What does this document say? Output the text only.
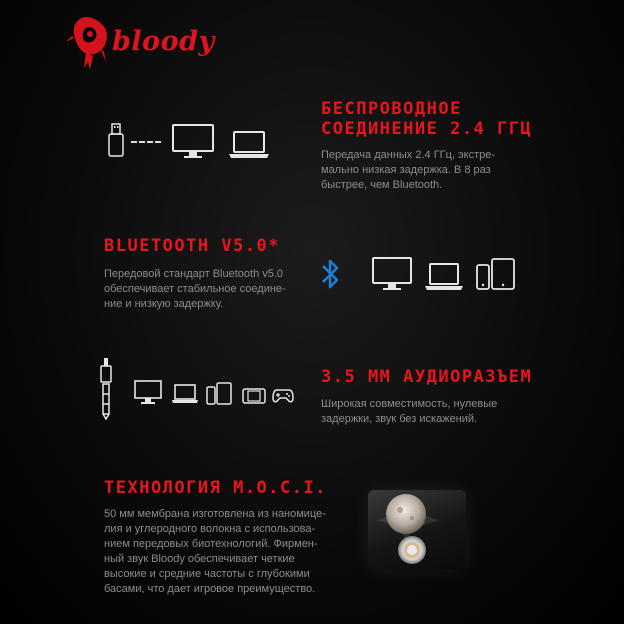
bloody
БЕСПРОВОДНОЕ
СОЕДИНЕНИЕ 2.4 ГГЦ

Передача данных 2.4 ГГц, экстре-
мально низкая задержка. В 8 раз
быстрее, чем Bluetooth.

BLUETOOTH V5.0*

Передовой стандарт Bluetooth v5.0
обеспечивает стабильное соедине-
ние и низкую задержку.

3.5 ММ АУДИОРАЗЪЕМ

Широкая совместимость, нулевые
задержки, звук без искажений.

ТЕХНОЛОГИЯ M.O.C.I.

50 мм мембрана изготовлена из наномице-
лия и углеродного волокна с использова-
нием передовых биотехнологий. Фирмен-
ный звук Bloody обеспечивает четкие
высокие и средние частоты с глубокими
басами, что дает игровое преимущество.
